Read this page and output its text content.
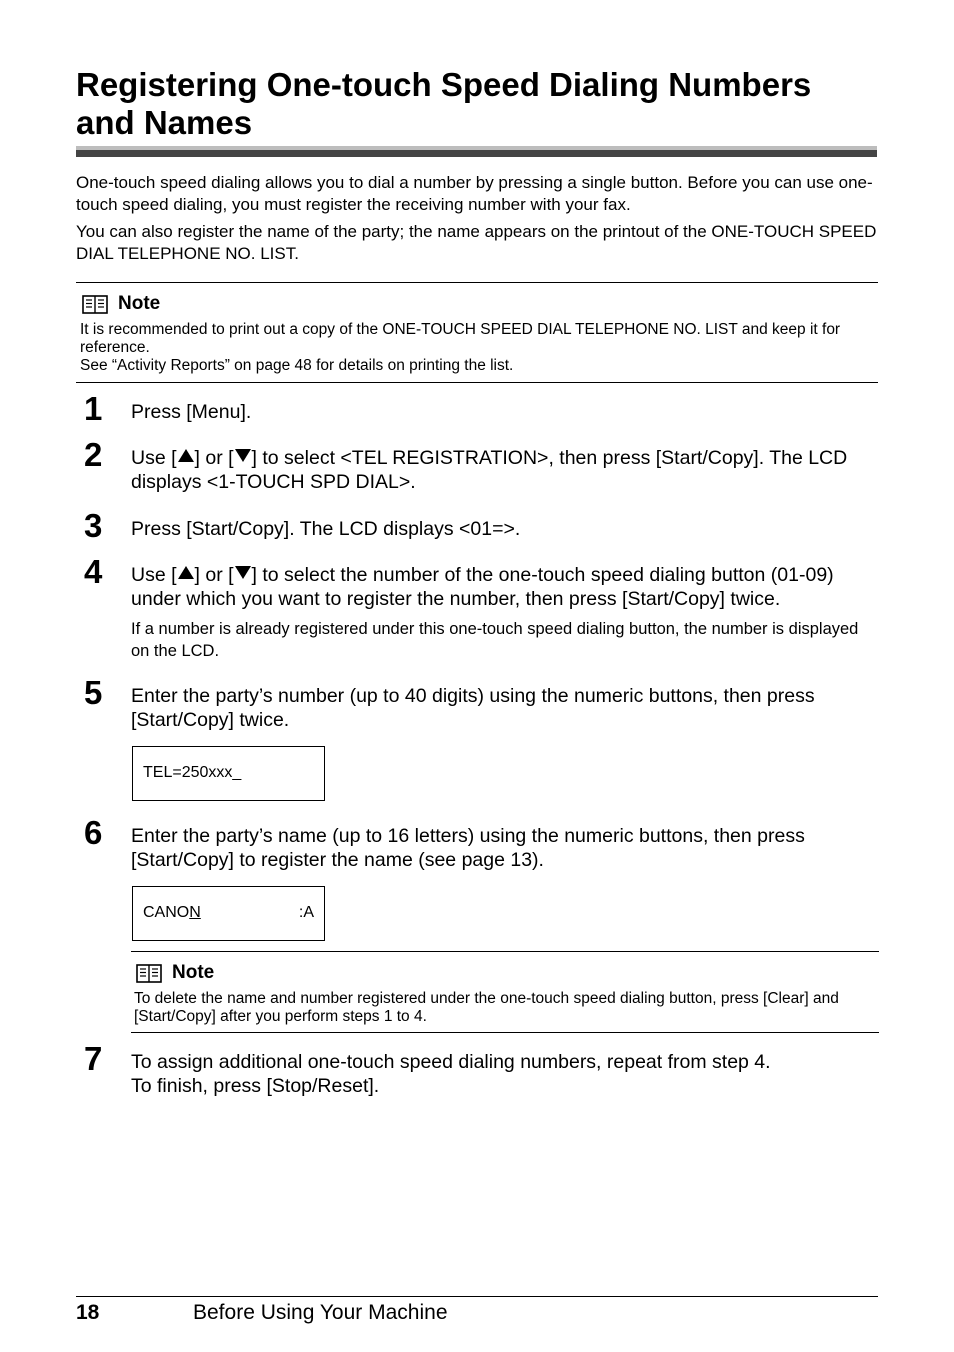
Registering One-touch Speed Dialing Numbers and Names
One-touch speed dialing allows you to dial a number by pressing a single button. Before you can use one-touch speed dialing, you must register the receiving number with your fax.
You can also register the name of the party; the name appears on the printout of the ONE-TOUCH SPEED DIAL TELEPHONE NO. LIST.
Note
It is recommended to print out a copy of the ONE-TOUCH SPEED DIAL TELEPHONE NO. LIST and keep it for reference.
See “Activity Reports” on page 48 for details on printing the list.
1	Press [Menu].
2	Use [ ] or [ ] to select <TEL REGISTRATION>, then press [Start/Copy]. The LCD displays <1-TOUCH SPD DIAL>.
3	Press [Start/Copy]. The LCD displays <01=>.
4	Use [ ] or [ ] to select the number of the one-touch speed dialing button (01-09) under which you want to register the number, then press [Start/Copy] twice.
If a number is already registered under this one-touch speed dialing button, the number is displayed on the LCD.
5	Enter the party’s number (up to 40 digits) using the numeric buttons, then press [Start/Copy] twice.
TEL=250xxx_
6	Enter the party’s name (up to 16 letters) using the numeric buttons, then press [Start/Copy] to register the name (see page 13).
CANON	:A
Note
To delete the name and number registered under the one-touch speed dialing button, press [Clear] and [Start/Copy] after you perform steps 1 to 4.
7	To assign additional one-touch speed dialing numbers, repeat from step 4.
To finish, press [Stop/Reset].
18	Before Using Your Machine
